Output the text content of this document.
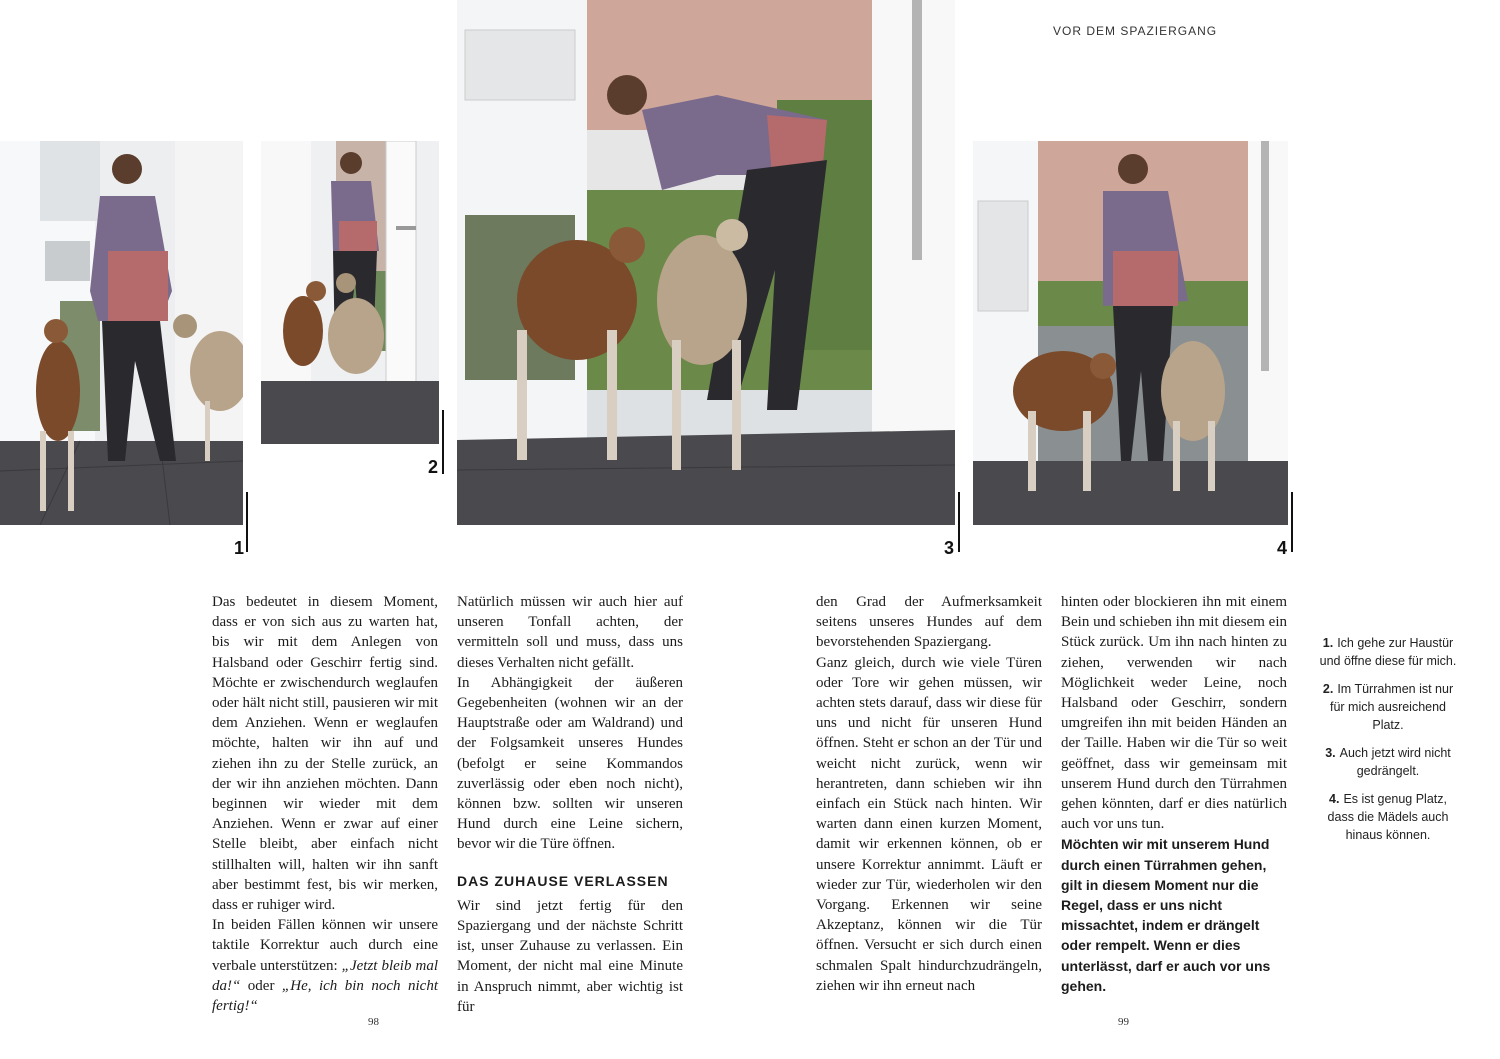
VOR DEM SPAZIERGANG
1
2
3	4

Das bedeutet in diesem Moment, dass er von sich aus zu warten hat, bis wir mit dem Anlegen von Halsband oder Geschirr fertig sind. Möchte er zwischendurch weglaufen oder hält nicht still, pausieren wir mit dem Anziehen. Wenn er weglaufen möchte, halten wir ihn auf und ziehen ihn zu der Stelle zurück, an der wir ihn anziehen möchten. Dann beginnen wir wieder mit dem Anziehen. Wenn er zwar auf einer Stelle bleibt, aber einfach nicht stillhalten will, halten wir ihn sanft aber bestimmt fest, bis wir merken, dass er ruhiger wird.

In beiden Fällen können wir unsere taktile Korrektur auch durch eine verbale unterstützen: „Jetzt bleib mal da!“ oder „He, ich bin noch nicht fertig!“

Natürlich müssen wir auch hier auf unseren Tonfall achten, der vermitteln soll und muss, dass uns dieses Verhalten nicht gefällt.

In Abhängigkeit der äußeren Gegebenheiten (wohnen wir an der Hauptstraße oder am Waldrand) und der Folgsamkeit unseres Hundes (befolgt er seine Kommandos zuverlässig oder eben noch nicht), können bzw. sollten wir unseren Hund durch eine Leine sichern, bevor wir die Türe öffnen.

DAS ZUHAUSE VERLASSEN

Wir sind jetzt fertig für den Spaziergang und der nächste Schritt ist, unser Zuhause zu verlassen. Ein Moment, der nicht mal eine Minute in Anspruch nimmt, aber wichtig ist für

den Grad der Aufmerksamkeit seitens unseres Hundes auf dem bevorstehenden Spaziergang.

Ganz gleich, durch wie viele Türen oder Tore wir gehen müssen, wir achten stets darauf, dass wir diese für uns und nicht für unseren Hund öffnen. Steht er schon an der Tür und weicht nicht zurück, wenn wir herantreten, dann schieben wir ihn einfach ein Stück nach hinten. Wir warten dann einen kurzen Moment, damit wir erkennen können, ob er unsere Korrektur annimmt. Läuft er wieder zur Tür, wiederholen wir den Vorgang. Erkennen wir seine Akzeptanz, können wir die Tür öffnen. Versucht er sich durch einen schmalen Spalt hindurchzudrängeln, ziehen wir ihn erneut nach

hinten oder blockieren ihn mit einem Bein und schieben ihn mit diesem ein Stück zurück. Um ihn nach hinten zu ziehen, verwenden wir nach Möglichkeit weder Leine, noch Halsband oder Geschirr, sondern umgreifen ihn mit beiden Händen an der Taille. Haben wir die Tür so weit geöffnet, dass wir gemeinsam mit unserem Hund durch den Türrahmen gehen könnten, darf er dies natürlich auch vor uns tun.

Möchten wir mit unserem Hund durch einen Türrahmen gehen, gilt in diesem Moment nur die Regel, dass er uns nicht missachtet, indem er drängelt oder rempelt. Wenn er dies unterlässt, darf er auch vor uns gehen.

1. Ich gehe zur Haustür und öffne diese für mich.
2. Im Türrahmen ist nur für mich ausreichend Platz.
3. Auch jetzt wird nicht gedrängelt.
4. Es ist genug Platz, dass die Mädels auch hinaus können.
98	99
